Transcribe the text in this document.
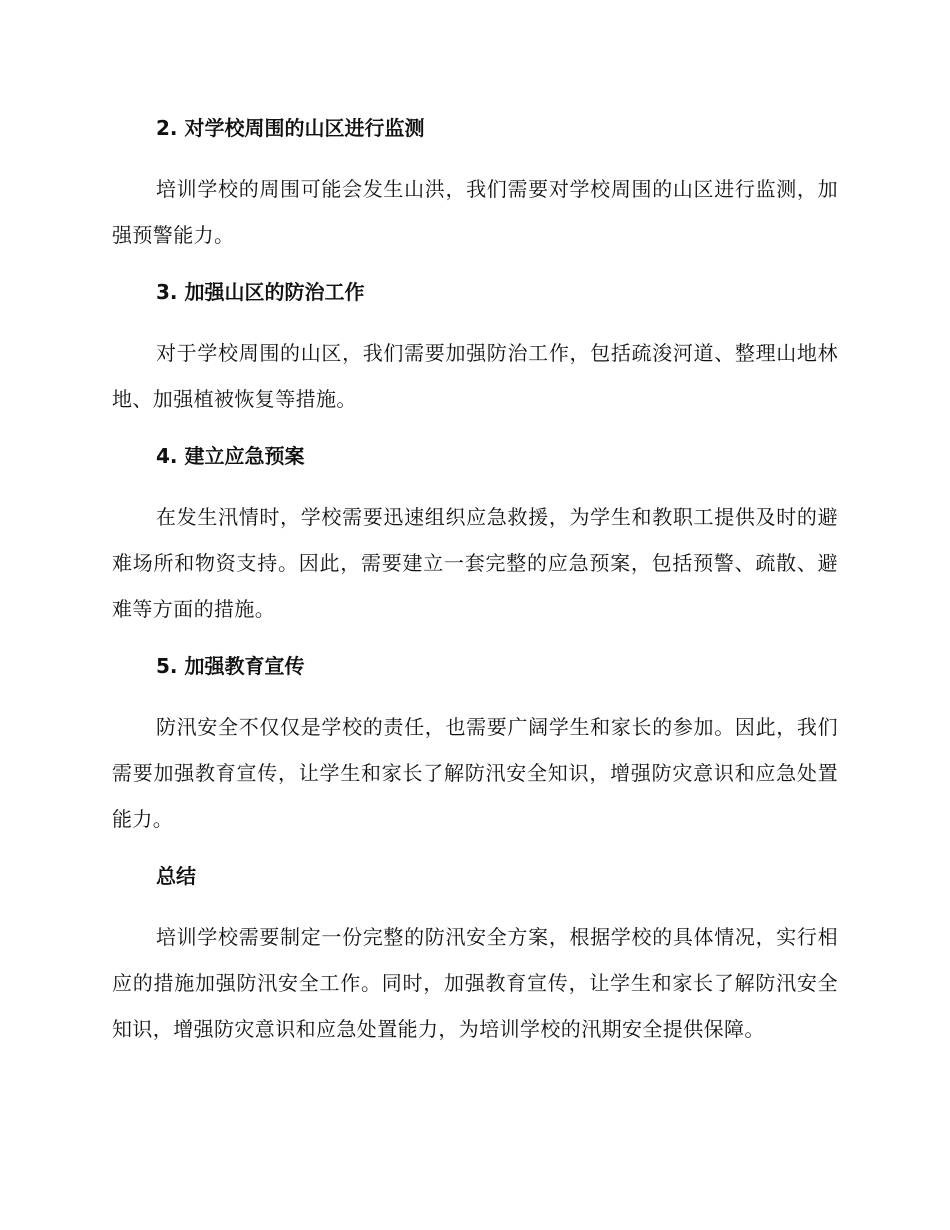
2. 对学校周围的山区进行监测

培训学校的周围可能会发生山洪，我们需要对学校周围的山区进行监测，加强预警能力。

3. 加强山区的防治工作

对于学校周围的山区，我们需要加强防治工作，包括疏浚河道、整理山地林地、加强植被恢复等措施。

4. 建立应急预案

在发生汛情时，学校需要迅速组织应急救援，为学生和教职工提供及时的避难场所和物资支持。因此，需要建立一套完整的应急预案，包括预警、疏散、避难等方面的措施。

5. 加强教育宣传

防汛安全不仅仅是学校的责任，也需要广阔学生和家长的参加。因此，我们需要加强教育宣传，让学生和家长了解防汛安全知识，增强防灾意识和应急处置能力。

总结

培训学校需要制定一份完整的防汛安全方案，根据学校的具体情况，实行相应的措施加强防汛安全工作。同时，加强教育宣传，让学生和家长了解防汛安全知识，增强防灾意识和应急处置能力，为培训学校的汛期安全提供保障。
